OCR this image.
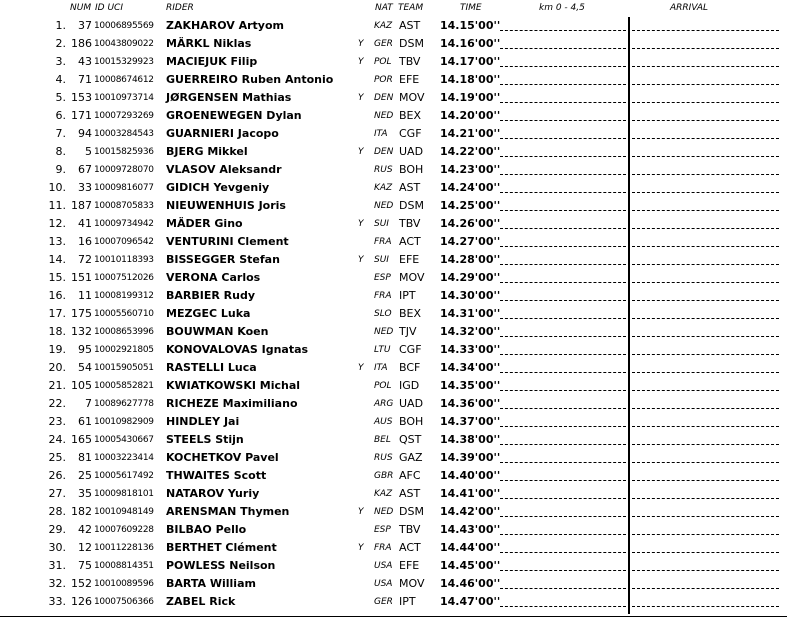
NUM ID UCI	RIDER	NAT TEAM	TIME	km 0 - 4,5	ARRIVAL
1.	37 10006895569 ZAKHAROV Artyom	KAZ AST 14.15'00''
2. 186 10043809022 MÄRKL Niklas	Y GER DSM 14.16'00''
3.	43 10015329923 MACIEJUK Filip	Y POL TBV 14.17'00''
4.	71 10008674612 GUERREIRO Ruben Antonio	POR EFE 14.18'00''
5. 153 10010973714 JØRGENSEN Mathias	Y DEN MOV 14.19'00''
6. 171 10007293269 GROENEWEGEN Dylan	NED BEX 14.20'00''
7.	94 10003284543 GUARNIERI Jacopo	ITA CGF 14.21'00''
8.	5 10015825936 BJERG Mikkel	Y DEN UAD 14.22'00''
9.	67 10009728070 VLASOV Aleksandr	RUS BOH 14.23'00''
10.	33 10009816077 GIDICH Yevgeniy	KAZ AST 14.24'00''
11. 187 10008705833 NIEUWENHUIS Joris	NED DSM 14.25'00''
12.	41 10009734942 MÄDER Gino	Y SUI TBV 14.26'00''
13.	16 10007096542 VENTURINI Clement	FRA ACT 14.27'00''
14.	72 10010118393 BISSEGGER Stefan	Y SUI EFE 14.28'00''
15. 151 10007512026 VERONA Carlos	ESP MOV 14.29'00''
16.	11 10008199312 BARBIER Rudy	FRA IPT 14.30'00''
17. 175 10005560710 MEZGEC Luka	SLO BEX 14.31'00''
18. 132 10008653996 BOUWMAN Koen	NED TJV 14.32'00''
19.	95 10002921805 KONOVALOVAS Ignatas	LTU CGF 14.33'00''
20.	54 10015905051 RASTELLI Luca	Y ITA BCF 14.34'00''
21. 105 10005852821 KWIATKOWSKI Michal	POL IGD 14.35'00''
22.	7 10089627778 RICHEZE Maximiliano	ARG UAD 14.36'00''
23.	61 10010982909 HINDLEY Jai	AUS BOH 14.37'00''
24. 165 10005430667 STEELS Stijn	BEL QST 14.38'00''
25.	81 10003223414 KOCHETKOV Pavel	RUS GAZ 14.39'00''
26.	25 10005617492 THWAITES Scott	GBR AFC 14.40'00''
27.	35 10009818101 NATAROV Yuriy	KAZ AST 14.41'00''
28. 182 10010948149 ARENSMAN Thymen	Y NED DSM 14.42'00''
29.	42 10007609228 BILBAO Pello	ESP TBV 14.43'00''
30.	12 10011228136 BERTHET Clément	Y FRA ACT 14.44'00''
31.	75 10008814351 POWLESS Neilson	USA EFE 14.45'00''
32. 152 10010089596 BARTA William	USA MOV 14.46'00''
33. 126 10007506366 ZABEL Rick	GER IPT 14.47'00''
